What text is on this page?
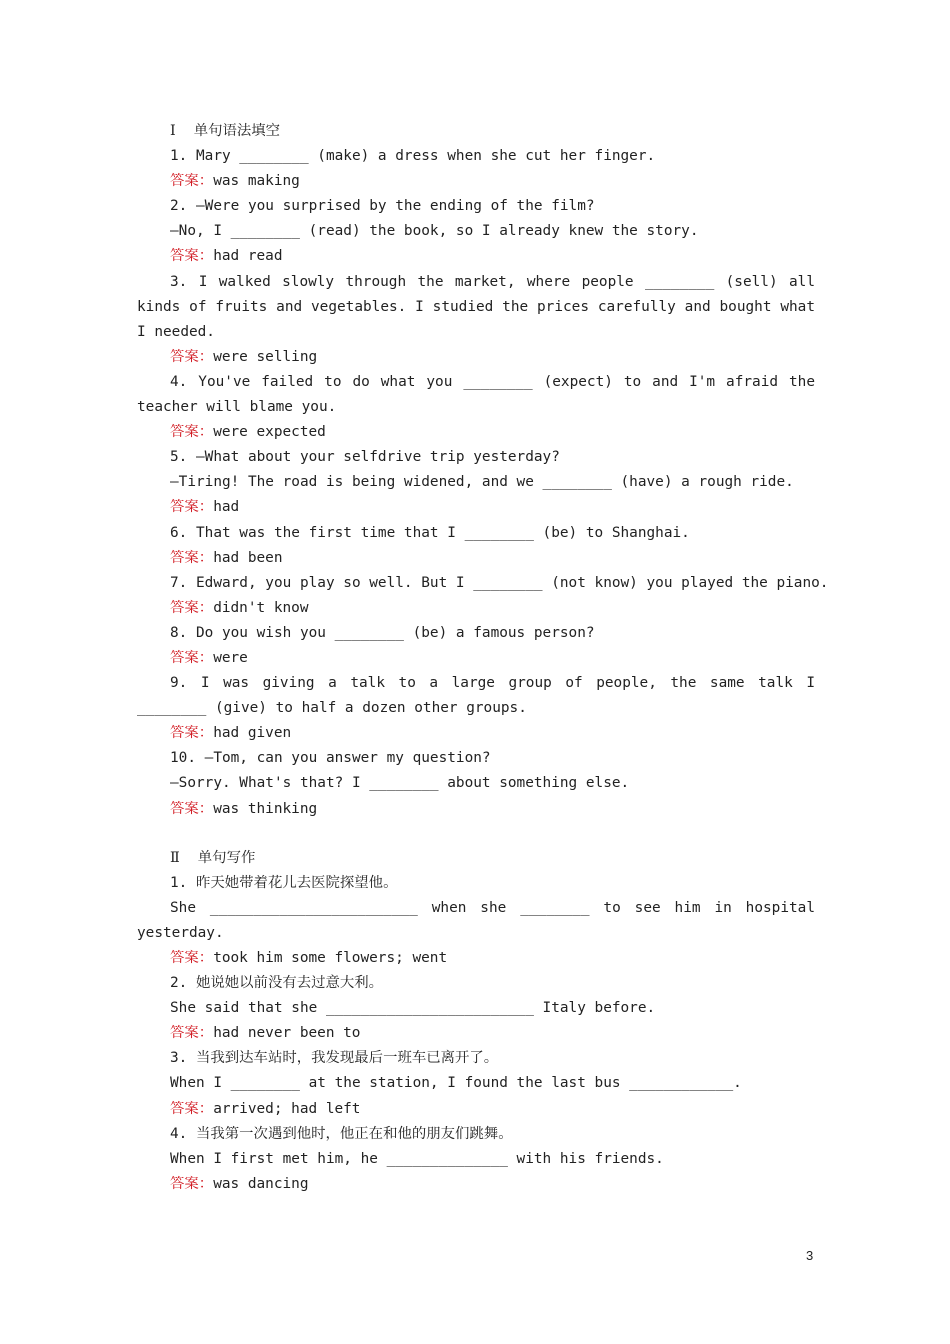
Ⅰ 单句语法填空
1. Mary ________ (make) a dress when she cut her finger.
答案：was making
2. —Were you surprised by the ending of the film?
—No, I ________ (read) the book, so I already knew the story.
答案：had read
3. I walked slowly through the market, where people ________ (sell) all kinds of fruits and vegetables. I studied the prices carefully and bought what I needed.
答案：were selling
4. You've failed to do what you ________ (expect) to and I'm afraid the teacher will blame you.
答案：were expected
5. —What about your selfdrive trip yesterday?
—Tiring! The road is being widened, and we ________ (have) a rough ride.
答案：had
6. That was the first time that I ________ (be) to Shanghai.
答案：had been
7. Edward, you play so well. But I ________ (not know) you played the piano.
答案：didn't know
8. Do you wish you ________ (be) a famous person?
答案：were
9. I was giving a talk to a large group of people, the same talk I ________ (give) to half a dozen other groups.
答案：had given
10. —Tom, can you answer my question?
—Sorry. What's that? I ________ about something else.
答案：was thinking
Ⅱ 单句写作
1. 昨天她带着花儿去医院探望他。
She ________________________ when she ________ to see him in hospital yesterday.
答案：took him some flowers; went
2. 她说她以前没有去过意大利。
She said that she ________________________ Italy before.
答案：had never been to
3. 当我到达车站时，我发现最后一班车已离开了。
When I ________ at the station, I found the last bus ____________.
答案：arrived; had left
4. 当我第一次遇到他时，他正在和他的朋友们跳舞。
When I first met him, he ______________ with his friends.
答案：was dancing
3
